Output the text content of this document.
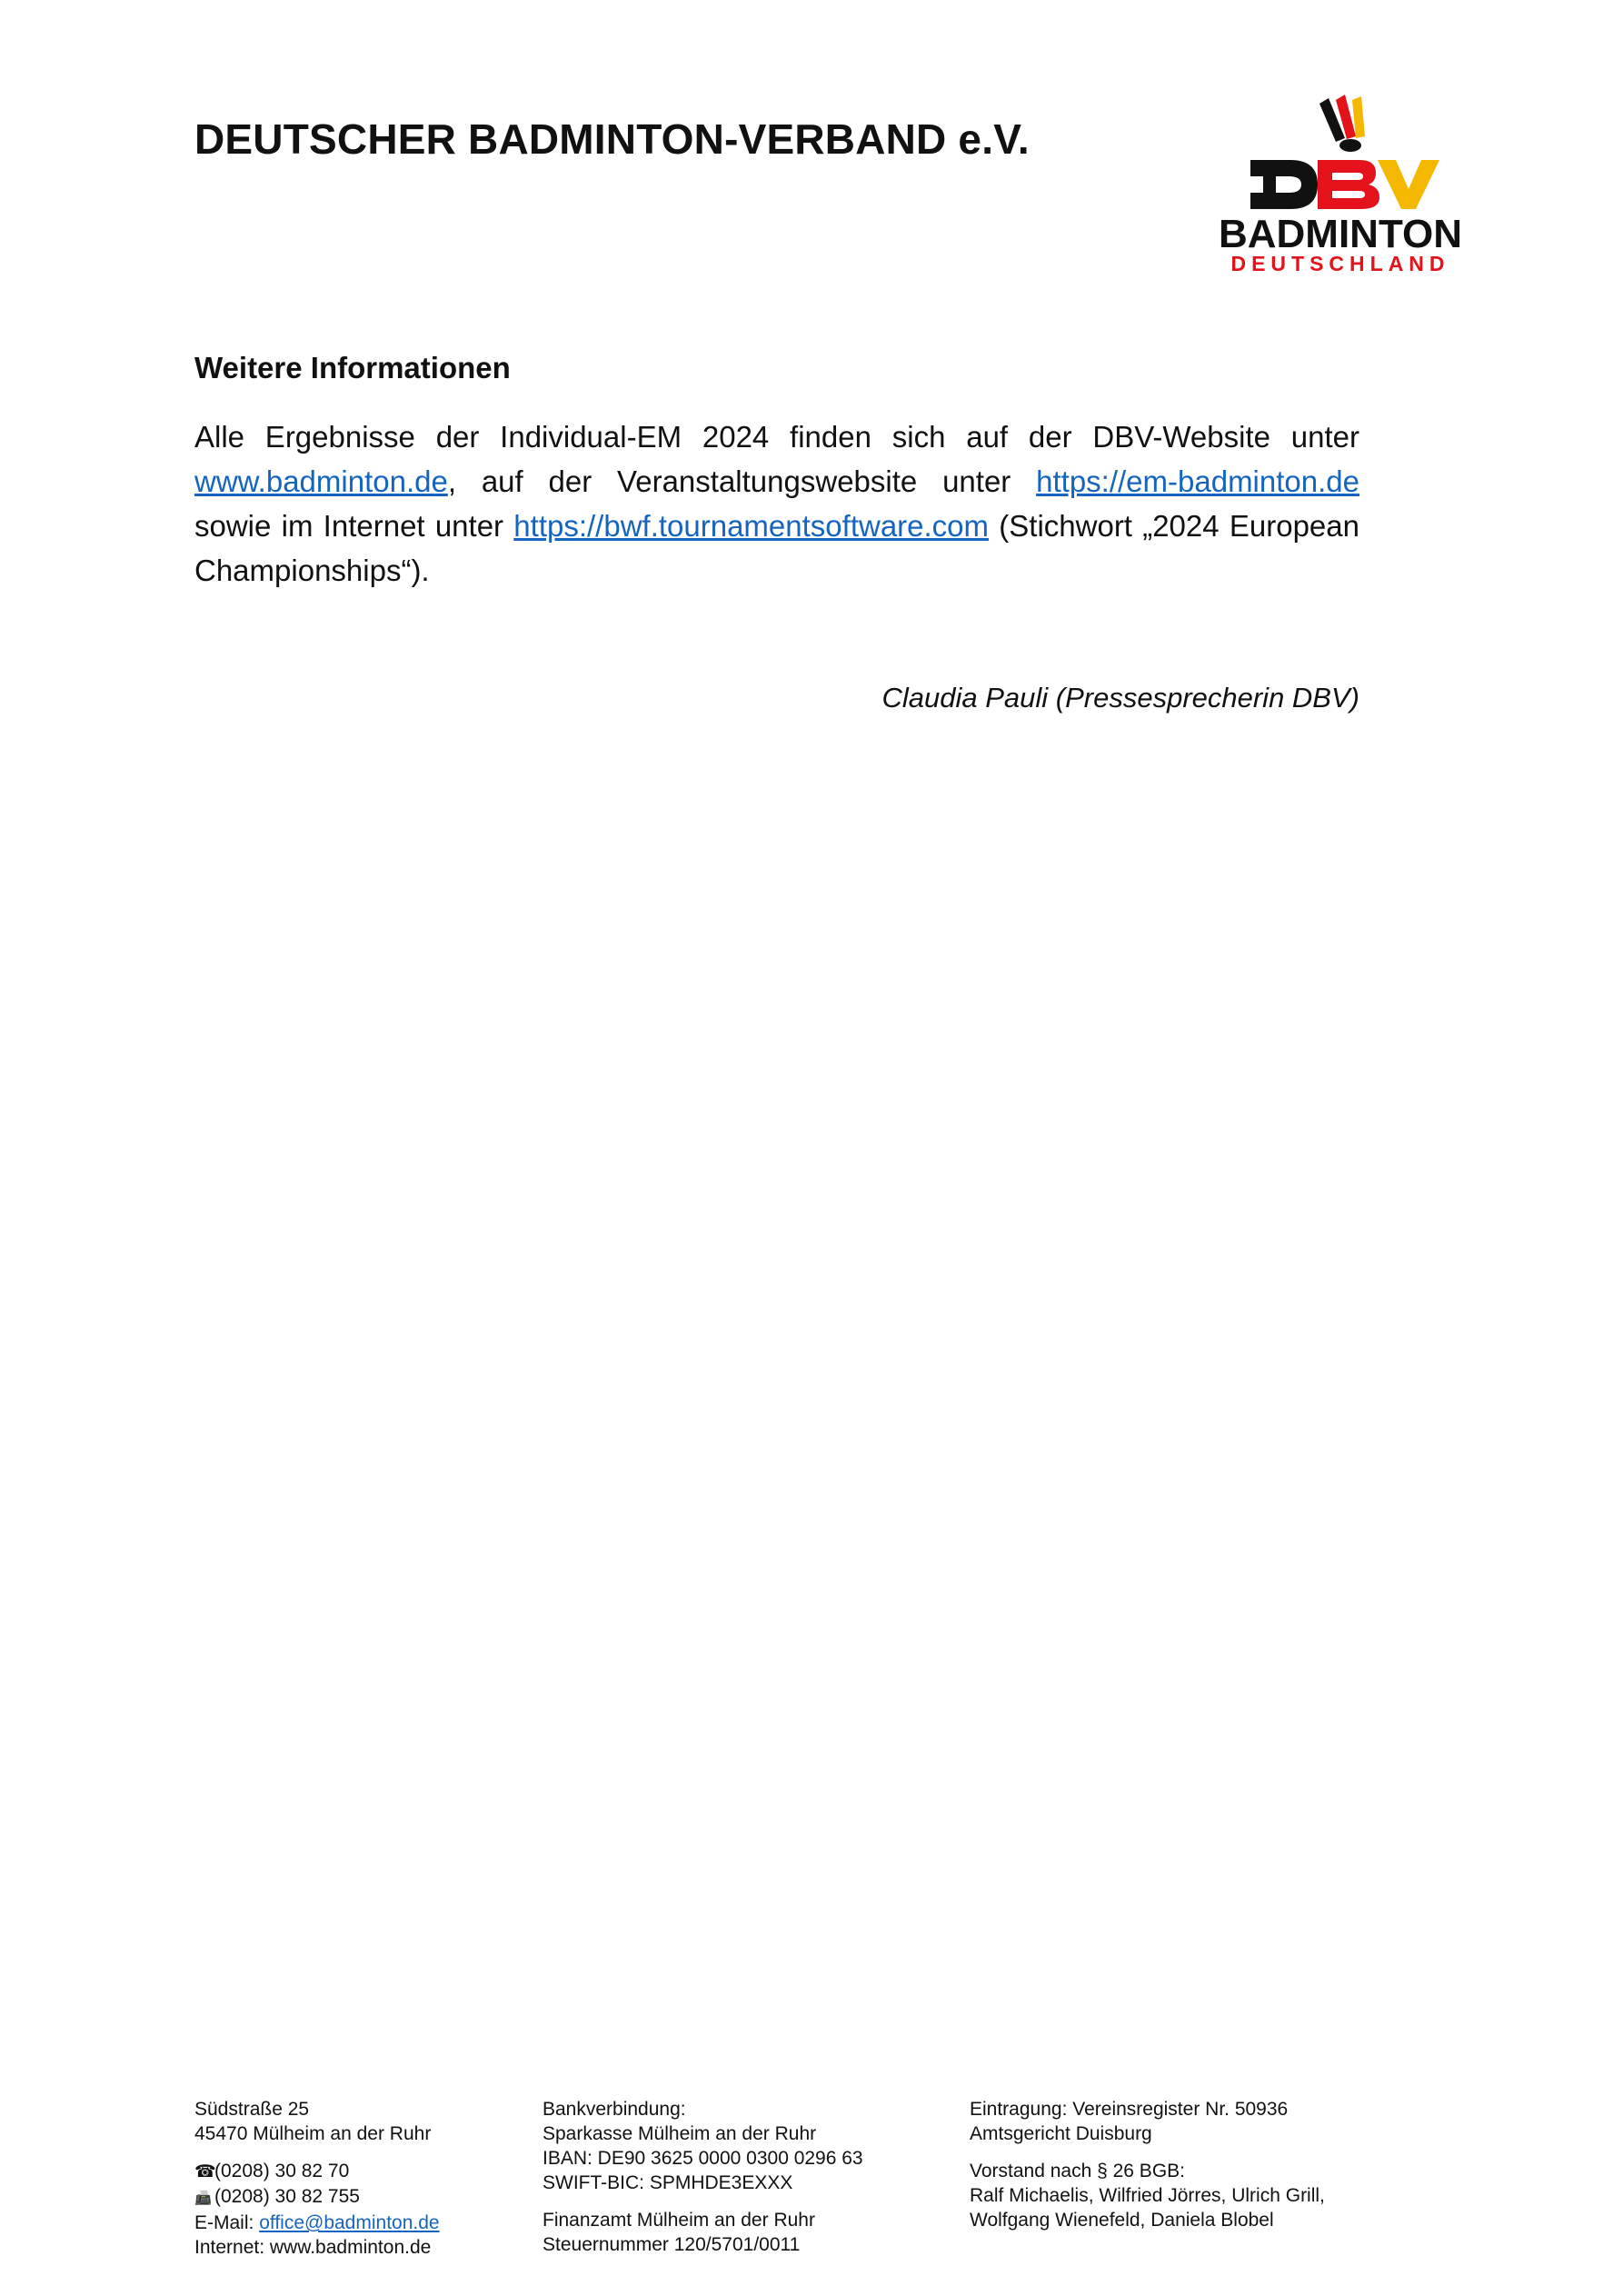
DEUTSCHER BADMINTON-VERBAND e.V.
BADMINTON
DEUTSCHLAND
Weitere Informationen
Alle Ergebnisse der Individual-EM 2024 finden sich auf der DBV-Website unter www.badminton.de, auf der Veranstaltungswebsite unter https://em-badminton.de sowie im Internet unter https://bwf.tournamentsoftware.com (Stichwort „2024 European Championships“).
Claudia Pauli (Pressesprecherin DBV)

Südstraße 25
45470 Mülheim an der Ruhr

☎(0208) 30 82 70
📠 (0208) 30 82 755
E-Mail: office@badminton.de
Internet: www.badminton.de

Bankverbindung:
Sparkasse Mülheim an der Ruhr
IBAN: DE90 3625 0000 0300 0296 63
SWIFT-BIC: SPMHDE3EXXX

Finanzamt Mülheim an der Ruhr
Steuernummer 120/5701/0011

Eintragung: Vereinsregister Nr. 50936
Amtsgericht Duisburg

Vorstand nach § 26 BGB:
Ralf Michaelis, Wilfried Jörres, Ulrich Grill,
Wolfgang Wienefeld, Daniela Blobel
